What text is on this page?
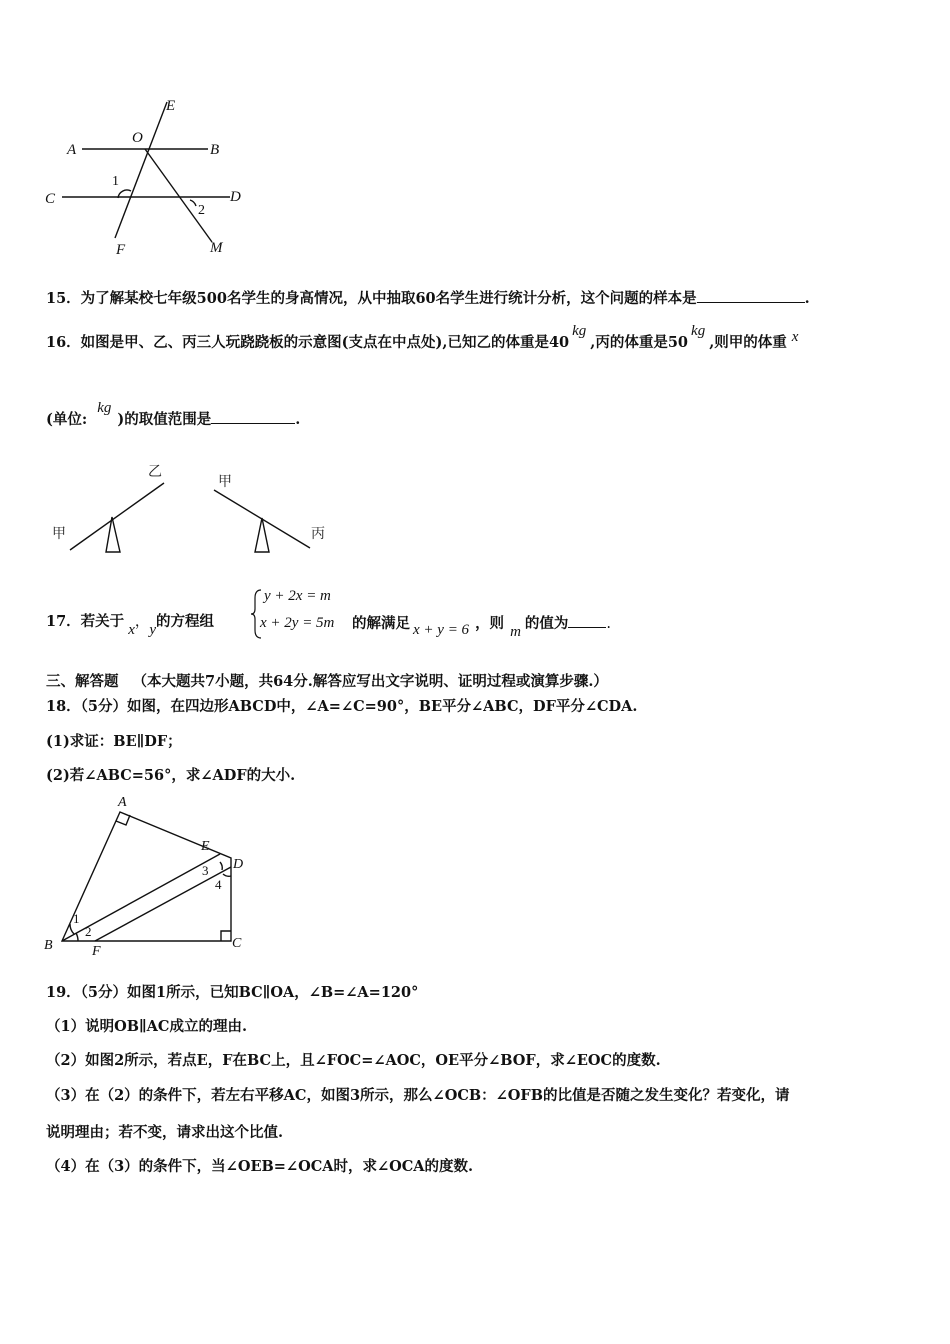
A	B
C	D
E
F	M
O
1
2
15．为了解某校七年级500名学生的身高情况，从中抽取60名学生进行统计分析，这个问题的样本是	.
16．如图是甲、乙、丙三人玩跷跷板的示意图(支点在中点处),已知乙的体重是40kg,丙的体重是50kg,则甲的体重 x
(单位:kg)的取值范围是	.
甲
乙
甲
丙
17．若关于 x，y的方程组
y + 2x = m
x + 2y = 5m 的解满足 x + y = 6 ，则 m 的值为	.
三、解答题 （本大题共7小题，共64分.解答应写出文字说明、证明过程或演算步骤.）
18．（5分）如图，在四边形ABCD中，∠A=∠C=90°，BE平分∠ABC，DF平分∠CDA.
(1)求证：BE∥DF；
(2)若∠ABC=56°，求∠ADF的大小.
A
B	C
D
E
F
1
2
3
4
19．（5分）如图1所示，已知BC∥OA，∠B=∠A=120°
（1）说明OB∥AC成立的理由.
（2）如图2所示，若点E，F在BC上，且∠FOC=∠AOC，OE平分∠BOF，求∠EOC的度数.
（3）在（2）的条件下，若左右平移AC，如图3所示，那么∠OCB：∠OFB的比值是否随之发生变化？若变化，请
说明理由；若不变，请求出这个比值.
（4）在（3）的条件下，当∠OEB=∠OCA时，求∠OCA的度数.
